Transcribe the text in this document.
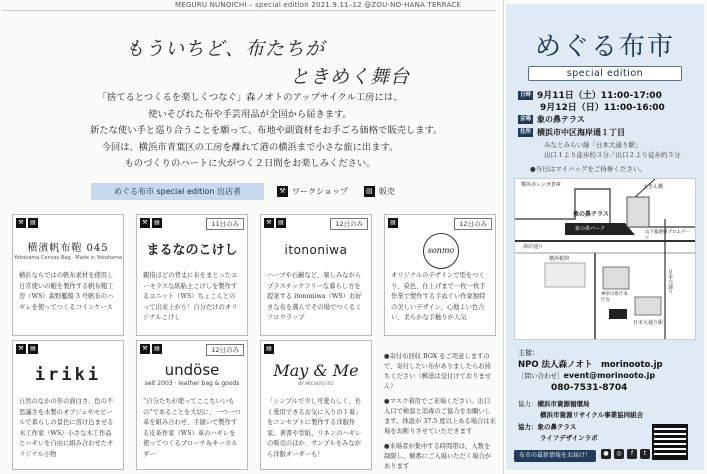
MEGURU NUNOICHI – special edition 2021.9.11–12 @ZOU-NO-HANA TERRACE
もういちど、布たちが
ときめく舞台

「捨てるとつくるを楽しくつなぐ」森ノオトのアップサイクル工房には、

使いそびれた布や手芸用品が全国から届きます。

新たな使い手と巡り合うことを願って、布地や副資材をお手ごろ価格で販売します。

今回は、横浜市青葉区の工房を離れて港の横浜まで小さな旅に出ます。

ものづくりのハートに火がつく２日間をお楽しみください。

めぐる布市 special edition 出店者	⚒ ワークショップ	▤ 販売
⚒	▤
横濱帆布鞄 045
Yokohama Canvas Bag · Made in Yokohama
横浜ならではの帆布素材を使用し日常使いの鞄を製作する帆布鞄工房（WS）森野艦船 3 号帆布のハギレを使ってつくるコインケース
⚒	▤	11日のみ
まるなのこけし
親指ほどの背丈に布をまとったユーモラスな紙粘土こけしを製作するユニット（WS）ちょこんとのって出来上がり！自分だけのオリジナルこけし
⚒	▤	12日のみ
itononiwa
ハーブや石鹸など、楽しみながらプラスチックフリーな暮らし方を提案する itononiwa（WS）お好きな布を選んでその場でつくるミツロウラップ
▤	12日のみ
sonmo
オリジナルのデザインで型をつくり、染色、仕上げまで一枚一枚手作業で製作する手ぬぐい作家独特の美しいデザイン、心地よい色合い、柔らかな手触りが人気
⚒	▤
iriki
自然のなかの形の面白さ、色の不思議さを木製のオブジェやモビールで暮らしの景色に溶け込ませる木工作家（WS）小さな木工作品とハギレを自由に組み合わせたオリジナル小物
⚒	▤	12日のみ
undöse
seit 2003 · leather bag & goods
“自分たちが使ってここちいいもの”であることを大切に、一つ一つ革を組み合わせ、手縫いで製作する皮革作家（WS）革のハギレを使ってつくるブローチ＆キーホルダー
▤
May & Me
BY MICHIYO ITO
「シンプルで少し可愛らしく、長く愛用できるお気に入りの１着」をコンセプトに製作する洋服作家。著書や型紙、リネンのハギレの販売のほか、サンプルをみながら洋服オーダーも！

●寄付布回収 BOX をご用意しますので、寄付したい布がありましたらお持ちください（郵送は受付けておりません）

●マスク着用でご来場ください。出口入口で検温と消毒のご協力をお願いします。体温が 37.5 度以上ある場合は来場をお断りさせていただきます

●来場者が集中する時間帯は、入数を制限し、順番にご入場いただく場合があります

めぐる布市
special edition
日時 9月11日（土）11:00-17:00
9月12日（日）11:00-16:00
会場 象の鼻テラス
住所 横浜市中区海岸通１丁目
みなとみらい線「日本大通り駅」
出口１より徒歩約３分／出口２より徒歩約５分
●当日はマイバッグをご持参ください。
横浜赤レンガ倉庫	大さん橋
象の鼻テラス
象の鼻パーク
山下臨港線プロムナード
海岸通り
横浜税関
日本大通り
神奈川県庁本庁舎
日本大通り駅
主催：
NPO 法人森ノオト　morinooto.jp
［問い合わせ］event@morinooto.jp
080-7531-8704
協力：横浜市資源循環局
横浜市資源リサイクル事業協同組合
協力：象の鼻テラス
ライフデザインラボ
布市の最新情報をお届け！	●	◎	f	t
